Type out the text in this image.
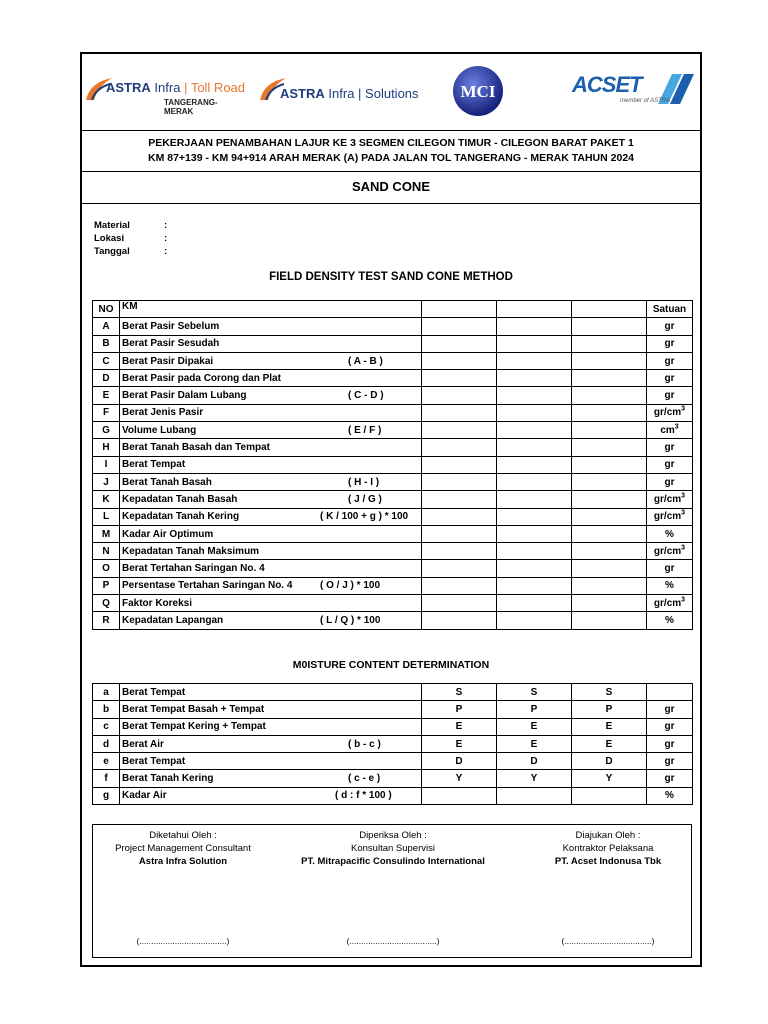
ASTRA Infra | Toll Road
TANGERANG-MERAK
ASTRA Infra | Solutions MCI	ACSET
member of ASTRA
PEKERJAAN PENAMBAHAN LAJUR KE 3 SEGMEN CILEGON TIMUR - CILEGON BARAT PAKET 1
KM 87+139 - KM 94+914 ARAH MERAK (A) PADA JALAN TOL TANGERANG - MERAK TAHUN 2024
SAND CONE
Material	:
Lokasi	:
Tanggal	:
FIELD DENSITY TEST SAND CONE METHOD
NO	KM				Satuan
A	Berat Pasir Sebelum				gr
B	Berat Pasir Sesudah				gr
C	Berat Pasir Dipakai ( A - B )				gr
D	Berat Pasir pada Corong dan Plat				gr
E	Berat Pasir Dalam Lubang ( C - D )				gr
F	Berat Jenis Pasir				$gr/cm^3$
G	Volume Lubang ( E / F )				$cm^3$
H	Berat Tanah Basah dan Tempat				gr
I	Berat Tempat				gr
J	Berat Tanah Basah ( H - I )				gr
K	Kepadatan Tanah Basah ( J / G )				$gr/cm^3$
L	Kepadatan Tanah Kering ( K / 100 + g ) * 100				$gr/cm^3$
M	Kadar Air Optimum				%
N	Kepadatan Tanah Maksimum				$gr/cm^3$
O	Berat Tertahan Saringan No. 4				gr
P	Persentase Tertahan Saringan No. 4 ( O / J ) * 100				%
Q	Faktor Koreksi				$gr/cm^3$
R	Kepadatan Lapangan ( L / Q ) * 100				%
M0ISTURE CONTENT DETERMINATION
a	Berat Tempat	S	S	S	
b	Berat Tempat Basah + Tempat	P	P	P	gr
c	Berat Tempat Kering + Tempat	E	E	E	gr
d	Berat Air ( b - c )	E	E	E	gr
e	Berat Tempat	D	D	D	gr
f	Berat Tanah Kering ( c - e )	Y	Y	Y	gr
g	Kadar Air ( d : f * 100 )				%
Diketahui Oleh :
Project Management Consultant
Astra Infra Solution
(.....................................)
Diperiksa Oleh :
Konsultan Supervisi
PT. Mitrapacific Consulindo International
(.....................................)
Diajukan Oleh :
Kontraktor Pelaksana
PT. Acset Indonusa Tbk
(.....................................)
